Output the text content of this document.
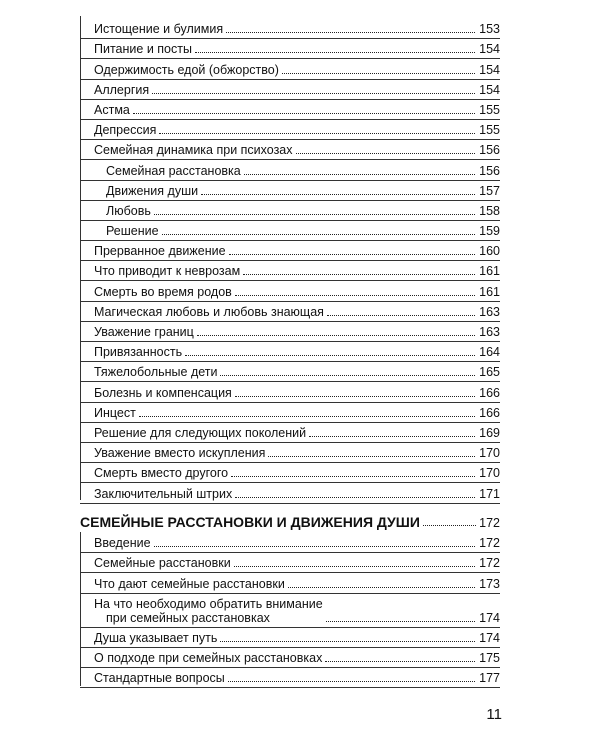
Истощение и булимия	153
Питание и посты	154
Одержимость едой (обжорство)	154
Аллергия	154
Астма	155
Депрессия	155
Семейная динамика при психозах	156
Семейная расстановка	156
Движения души	157
Любовь	158
Решение	159
Прерванное движение	160
Что приводит к неврозам	161
Смерть во время родов	161
Магическая любовь и любовь знающая	163
Уважение границ	163
Привязанность	164
Тяжелобольные дети	165
Болезнь и компенсация	166
Инцест	166
Решение для следующих поколений	169
Уважение вместо искупления	170
Смерть вместо другого	170
Заключительный штрих	171
СЕМЕЙНЫЕ РАССТАНОВКИ И ДВИЖЕНИЯ ДУШИ	172
Введение	172
Семейные расстановки	172
Что дают семейные расстановки	173
На что необходимо обратить внимание
при семейных расстановках	174
Душа указывает путь	174
О подходе при семейных расстановках	175
Стандартные вопросы	177
11
